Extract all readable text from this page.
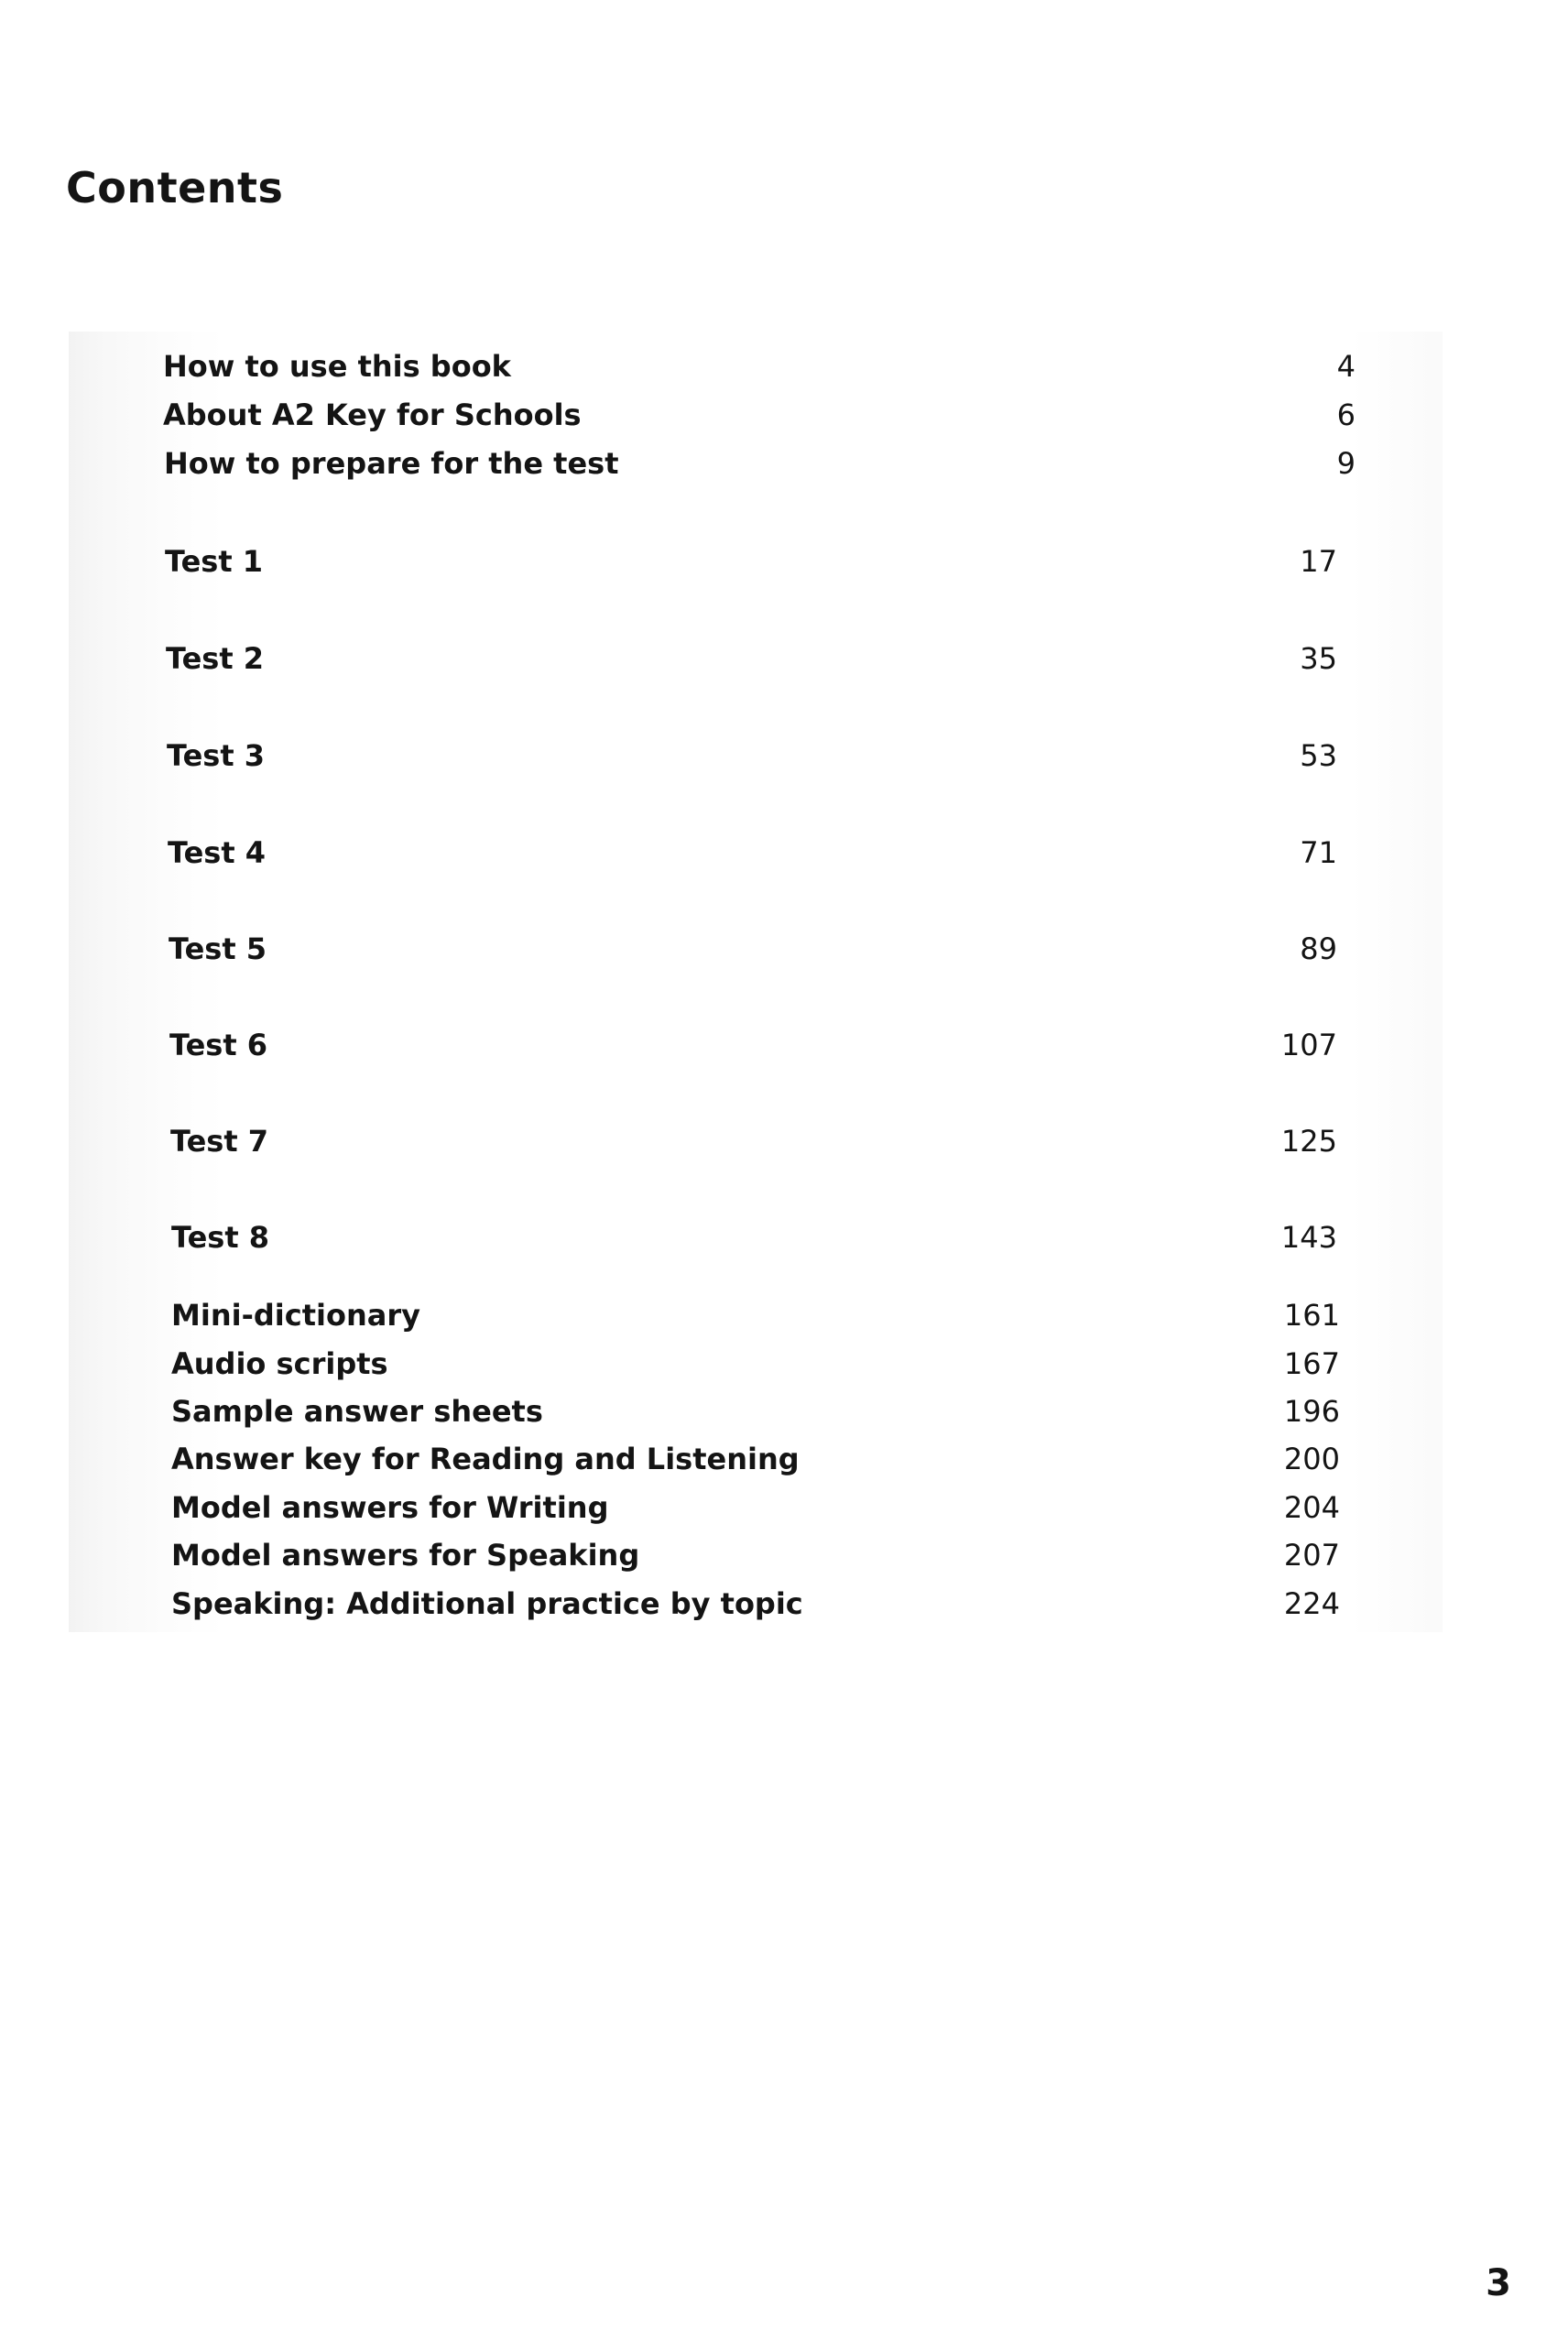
Contents
How to use this book	4
About A2 Key for Schools	6
How to prepare for the test	9
Test 1	17
Test 2	35
Test 3	53
Test 4	71
Test 5	89
Test 6	107
Test 7	125
Test 8	143
Mini-dictionary	161
Audio scripts	167
Sample answer sheets	196
Answer key for Reading and Listening	200
Model answers for Writing	204
Model answers for Speaking	207
Speaking: Additional practice by topic	224
3
